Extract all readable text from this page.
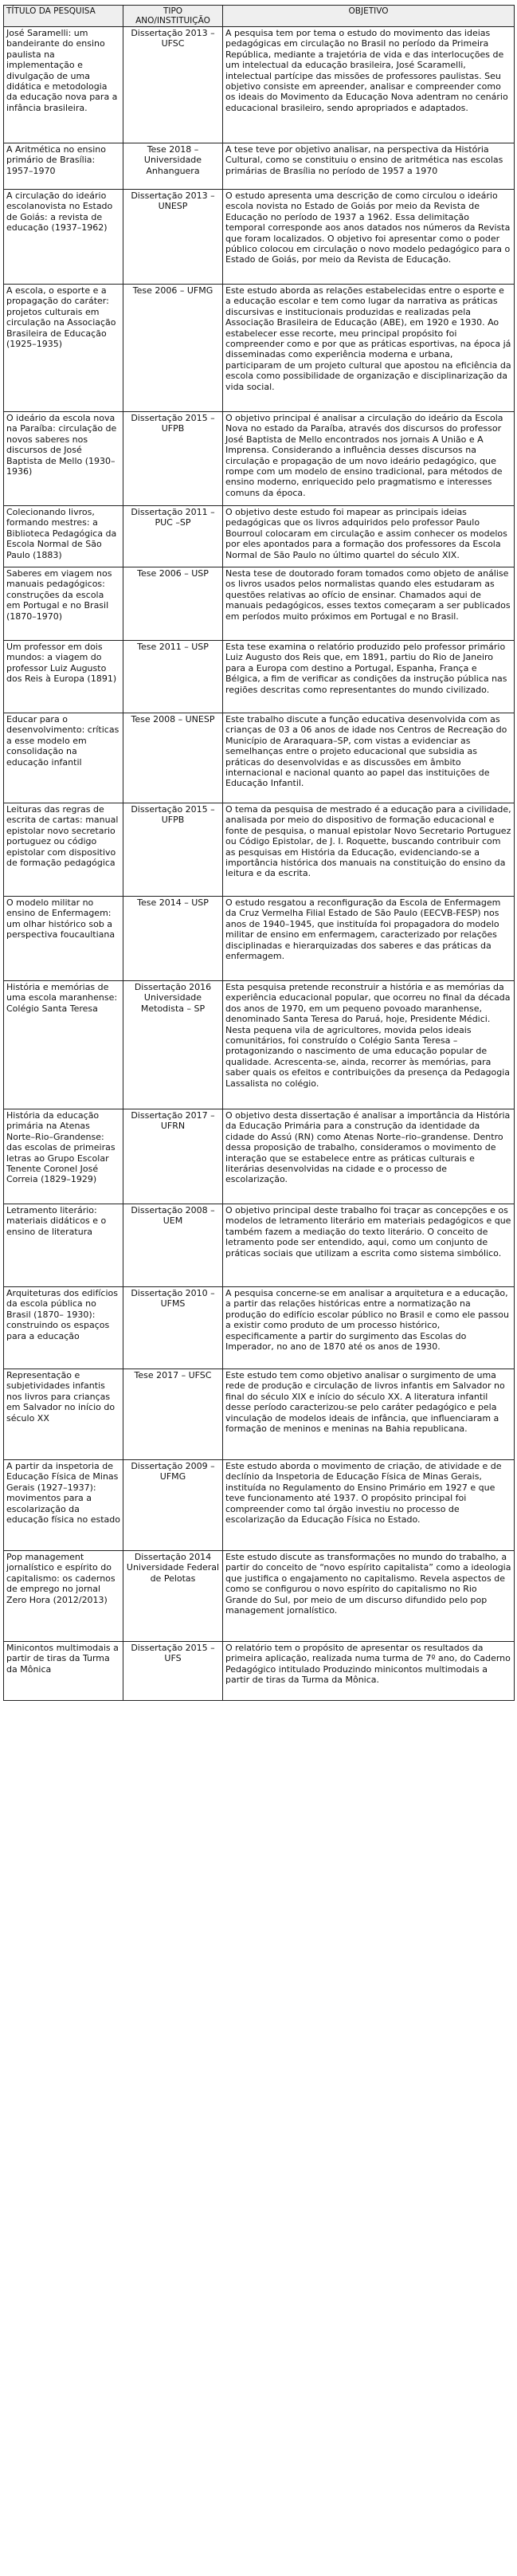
TÍTULO DA PESQUISA	TIPO ANO/INSTITUIÇÃO	OBJETIVO
José Saramelli: um bandeirante do ensino paulista na implementação e divulgação de uma didática e metodologia da educação nova para a infância brasileira.	Dissertação 2013 – UFSC	A pesquisa tem por tema o estudo do movimento das ideias pedagógicas em circulação no Brasil no período da Primeira República, mediante a trajetória de vida e das interlocuções de um intelectual da educação brasileira, José Scaramelli, intelectual partícipe das missões de professores paulistas. Seu objetivo consiste em apreender, analisar e compreender como os ideais do Movimento da Educação Nova adentram no cenário educacional brasileiro, sendo apropriados e adaptados.
A Aritmética no ensino primário de Brasília: 1957–1970	Tese 2018 – Universidade Anhanguera	A tese teve por objetivo analisar, na perspectiva da História Cultural, como se constituiu o ensino de aritmética nas escolas primárias de Brasília no período de 1957 a 1970
A circulação do ideário escolanovista no Estado de Goiás: a revista de educação (1937–1962)	Dissertação 2013 – UNESP	O estudo apresenta uma descrição de como circulou o ideário escola novista no Estado de Goiás por meio da Revista de Educação no período de 1937 a 1962. Essa delimitação temporal corresponde aos anos datados nos números da Revista que foram localizados. O objetivo foi apresentar como o poder público colocou em circulação o novo modelo pedagógico para o Estado de Goiás, por meio da Revista de Educação.
A escola, o esporte e a propagação do caráter: projetos culturais em circulação na Associação Brasileira de Educação (1925–1935)	Tese 2006 – UFMG	Este estudo aborda as relações estabelecidas entre o esporte e a educação escolar e tem como lugar da narrativa as práticas discursivas e institucionais produzidas e realizadas pela Associação Brasileira de Educação (ABE), em 1920 e 1930. Ao estabelecer esse recorte, meu principal propósito foi compreender como e por que as práticas esportivas, na época já disseminadas como experiência moderna e urbana, participaram de um projeto cultural que apostou na eficiência da escola como possibilidade de organização e disciplinarização da vida social.
O ideário da escola nova na Paraíba: circulação de novos saberes nos discursos de José Baptista de Mello (1930–1936)	Dissertação 2015 – UFPB	O objetivo principal é analisar a circulação do ideário da Escola Nova no estado da Paraíba, através dos discursos do professor José Baptista de Mello encontrados nos jornais A União e A Imprensa. Considerando a influência desses discursos na circulação e propagação de um novo ideário pedagógico, que rompe com um modelo de ensino tradicional, para métodos de ensino moderno, enriquecido pelo pragmatismo e interesses comuns da época.
Colecionando livros, formando mestres: a Biblioteca Pedagógica da Escola Normal de São Paulo (1883)	Dissertação 2011 – PUC –SP	O objetivo deste estudo foi mapear as principais ideias pedagógicas que os livros adquiridos pelo professor Paulo Bourroul colocaram em circulação e assim conhecer os modelos por eles apontados para a formação dos professores da Escola Normal de São Paulo no último quartel do século XIX.
Saberes em viagem nos manuais pedagógicos: construções da escola em Portugal e no Brasil (1870–1970)	Tese 2006 – USP	Nesta tese de doutorado foram tomados como objeto de análise os livros usados pelos normalistas quando eles estudaram as questões relativas ao ofício de ensinar. Chamados aqui de manuais pedagógicos, esses textos começaram a ser publicados em períodos muito próximos em Portugal e no Brasil.
Um professor em dois mundos: a viagem do professor Luiz Augusto dos Reis à Europa (1891)	Tese 2011 – USP	Esta tese examina o relatório produzido pelo professor primário Luiz Augusto dos Reis que, em 1891, partiu do Rio de Janeiro para a Europa com destino a Portugal, Espanha, França e Bélgica, a fim de verificar as condições da instrução pública nas regiões descritas como representantes do mundo civilizado.
Educar para o desenvolvimento: críticas a esse modelo em consolidação na educação infantil	Tese 2008 – UNESP	Este trabalho discute a função educativa desenvolvida com as crianças de 03 a 06 anos de idade nos Centros de Recreação do Município de Araraquara–SP, com vistas a evidenciar as semelhanças entre o projeto educacional que subsidia as práticas do desenvolvidas e as discussões em âmbito internacional e nacional quanto ao papel das instituições de Educação Infantil.
Leituras das regras de escrita de cartas: manual epistolar novo secretario portuguez ou código epistolar com dispositivo de formação pedagógica	Dissertação 2015 – UFPB	O tema da pesquisa de mestrado é a educação para a civilidade, analisada por meio do dispositivo de formação educacional e fonte de pesquisa, o manual epistolar Novo Secretario Portuguez ou Código Epistolar, de J. I. Roquette, buscando contribuir com as pesquisas em História da Educação, evidenciando-se a importância histórica dos manuais na constituição do ensino da leitura e da escrita.
O modelo militar no ensino de Enfermagem: um olhar histórico sob a perspectiva foucaultiana	Tese 2014 – USP	O estudo resgatou a reconfiguração da Escola de Enfermagem da Cruz Vermelha Filial Estado de São Paulo (EECVB-FESP) nos anos de 1940–1945, que instituída foi propagadora do modelo militar de ensino em enfermagem, caracterizado por relações disciplinadas e hierarquizadas dos saberes e das práticas da enfermagem.
História e memórias de uma escola maranhense: Colégio Santa Teresa	Dissertação 2016 Universidade Metodista – SP	Esta pesquisa pretende reconstruir a história e as memórias da experiência educacional popular, que ocorreu no final da década dos anos de 1970, em um pequeno povoado maranhense, denominado Santa Teresa do Paruá, hoje, Presidente Médici. Nesta pequena vila de agricultores, movida pelos ideais comunitários, foi construído o Colégio Santa Teresa – protagonizando o nascimento de uma educação popular de qualidade. Acrescenta-se, ainda, recorrer às memórias, para saber quais os efeitos e contribuições da presença da Pedagogia Lassalista no colégio.
História da educação primária na Atenas Norte–Rio–Grandense: das escolas de primeiras letras ao Grupo Escolar Tenente Coronel José Correia (1829–1929)	Dissertação 2017 – UFRN	O objetivo desta dissertação é analisar a importância da História da Educação Primária para a construção da identidade da cidade do Assú (RN) como Atenas Norte–rio–grandense. Dentro dessa proposição de trabalho, consideramos o movimento de interação que se estabelece entre as práticas culturais e literárias desenvolvidas na cidade e o processo de escolarização.
Letramento literário: materiais didáticos e o ensino de literatura	Dissertação 2008 – UEM	O objetivo principal deste trabalho foi traçar as concepções e os modelos de letramento literário em materiais pedagógicos e que também fazem a mediação do texto literário. O conceito de letramento pode ser entendido, aqui, como um conjunto de práticas sociais que utilizam a escrita como sistema simbólico.
Arquiteturas dos edifícios da escola pública no Brasil (1870– 1930): construindo os espaços para a educação	Dissertação 2010 – UFMS	A pesquisa concerne-se em analisar a arquitetura e a educação, a partir das relações históricas entre a normatização na produção do edifício escolar público no Brasil e como ele passou a existir como produto de um processo histórico, especificamente a partir do surgimento das Escolas do Imperador, no ano de 1870 até os anos de 1930.
Representação e subjetividades infantis nos livros para crianças em Salvador no início do século XX	Tese 2017 – UFSC	Este estudo tem como objetivo analisar o surgimento de uma rede de produção e circulação de livros infantis em Salvador no final do século XIX e início do século XX. A literatura infantil desse período caracterizou-se pelo caráter pedagógico e pela vinculação de modelos ideais de infância, que influenciaram a formação de meninos e meninas na Bahia republicana.
A partir da inspetoria de Educação Física de Minas Gerais (1927–1937): movimentos para a escolarização da educação física no estado	Dissertação 2009 – UFMG	Este estudo aborda o movimento de criação, de atividade e de declínio da Inspetoria de Educação Física de Minas Gerais, instituída no Regulamento do Ensino Primário em 1927 e que teve funcionamento até 1937. O propósito principal foi compreender como tal órgão investiu no processo de escolarização da Educação Física no Estado.
Pop management jornalístico e espírito do capitalismo: os cadernos de emprego no jornal Zero Hora (2012/2013)	Dissertação 2014 Universidade Federal de Pelotas	Este estudo discute as transformações no mundo do trabalho, a partir do conceito de “novo espírito capitalista” como a ideologia que justifica o engajamento no capitalismo. Revela aspectos de como se configurou o novo espírito do capitalismo no Rio Grande do Sul, por meio de um discurso difundido pelo pop management jornalístico.
Minicontos multimodais a partir de tiras da Turma da Mônica	Dissertação 2015 – UFS	O relatório tem o propósito de apresentar os resultados da primeira aplicação, realizada numa turma de 7º ano, do Caderno Pedagógico intitulado Produzindo minicontos multimodais a partir de tiras da Turma da Mônica.
